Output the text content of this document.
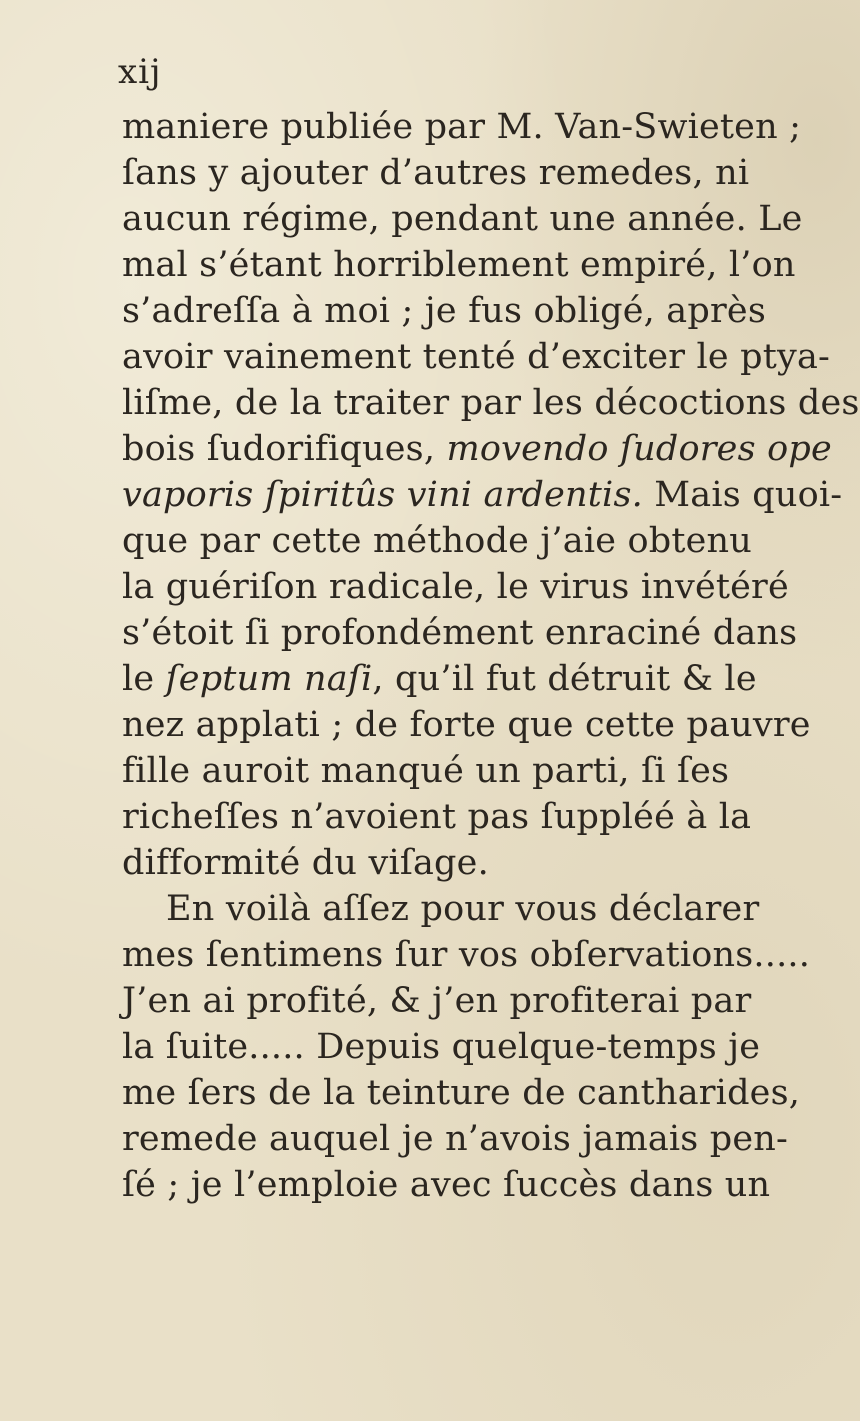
xij
maniere publiée par M. Van-Swieten ;
ſans y ajouter d’autres remedes, ni
aucun régime, pendant une année. Le
mal s’étant horriblement empiré, l’on
s’adreſſa à moi ; je fus obligé, après
avoir vainement tenté d’exciter le ptya-
liſme, de la traiter par les décoctions des
bois ſudorifiques, movendo ſudores ope
vaporis ſpiritûs vini ardentis. Mais quoi-
que par cette méthode j’aie obtenu
la guériſon radicale, le virus invétéré
s’étoit ſi profondément enraciné dans
le ſeptum naſi, qu’il fut détruit & le
nez applati ; de forte que cette pauvre
fille auroit manqué un parti, ſi ſes
richeſſes n’avoient pas ſuppléé à la
difformité du viſage.
En voilà aſſez pour vous déclarer
mes ſentimens ſur vos obſervations.....
J’en ai profité, & j’en profiterai par
la ſuite..... Depuis quelque-temps je
me ſers de la teinture de cantharides,
remede auquel je n’avois jamais pen-
ſé ; je l’emploie avec ſuccès dans un
